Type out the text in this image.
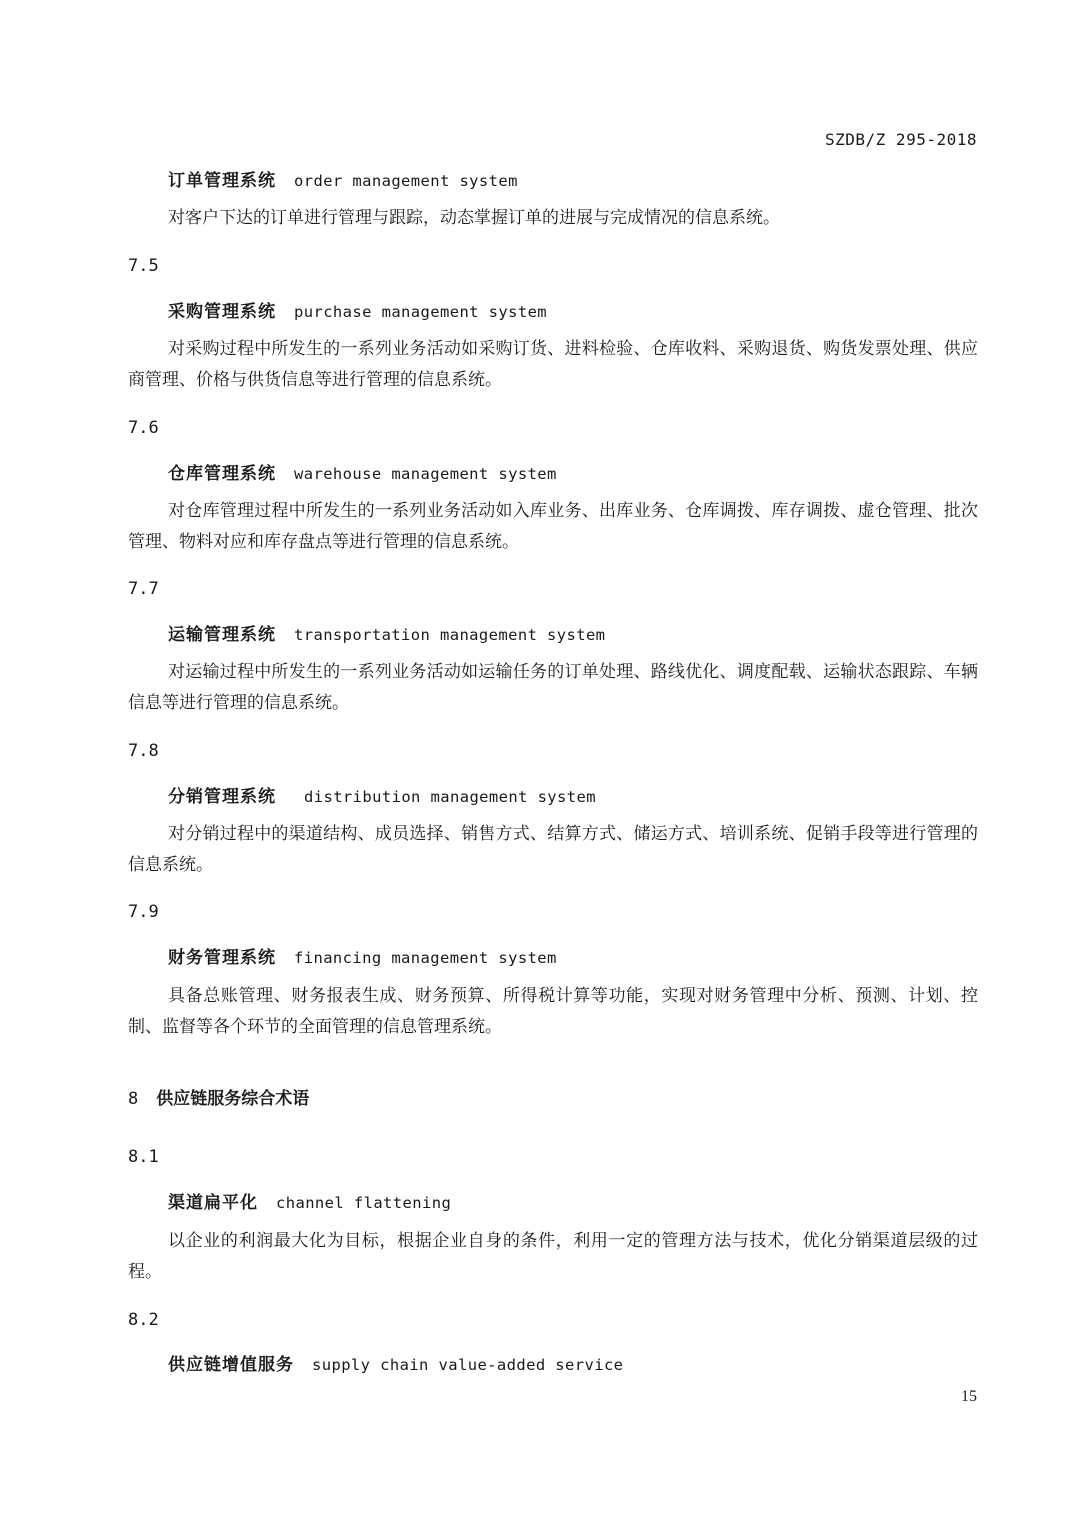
SZDB/Z 295-2018
订单管理系统 order management system
对客户下达的订单进行管理与跟踪，动态掌握订单的进展与完成情况的信息系统。
7.5
采购管理系统 purchase management system
对采购过程中所发生的一系列业务活动如采购订货、进料检验、仓库收料、采购退货、购货发票处理、供应商管理、价格与供货信息等进行管理的信息系统。
7.6
仓库管理系统 warehouse management system
对仓库管理过程中所发生的一系列业务活动如入库业务、出库业务、仓库调拨、库存调拨、虚仓管理、批次管理、物料对应和库存盘点等进行管理的信息系统。
7.7
运输管理系统 transportation management system
对运输过程中所发生的一系列业务活动如运输任务的订单处理、路线优化、调度配载、运输状态跟踪、车辆信息等进行管理的信息系统。
7.8
分销管理系统 distribution management system
对分销过程中的渠道结构、成员选择、销售方式、结算方式、储运方式、培训系统、促销手段等进行管理的信息系统。
7.9
财务管理系统 financing management system
具备总账管理、财务报表生成、财务预算、所得税计算等功能，实现对财务管理中分析、预测、计划、控制、监督等各个环节的全面管理的信息管理系统。
8 供应链服务综合术语
8.1
渠道扁平化 channel flattening
以企业的利润最大化为目标，根据企业自身的条件，利用一定的管理方法与技术，优化分销渠道层级的过程。
8.2
供应链增值服务 supply chain value-added service
15
